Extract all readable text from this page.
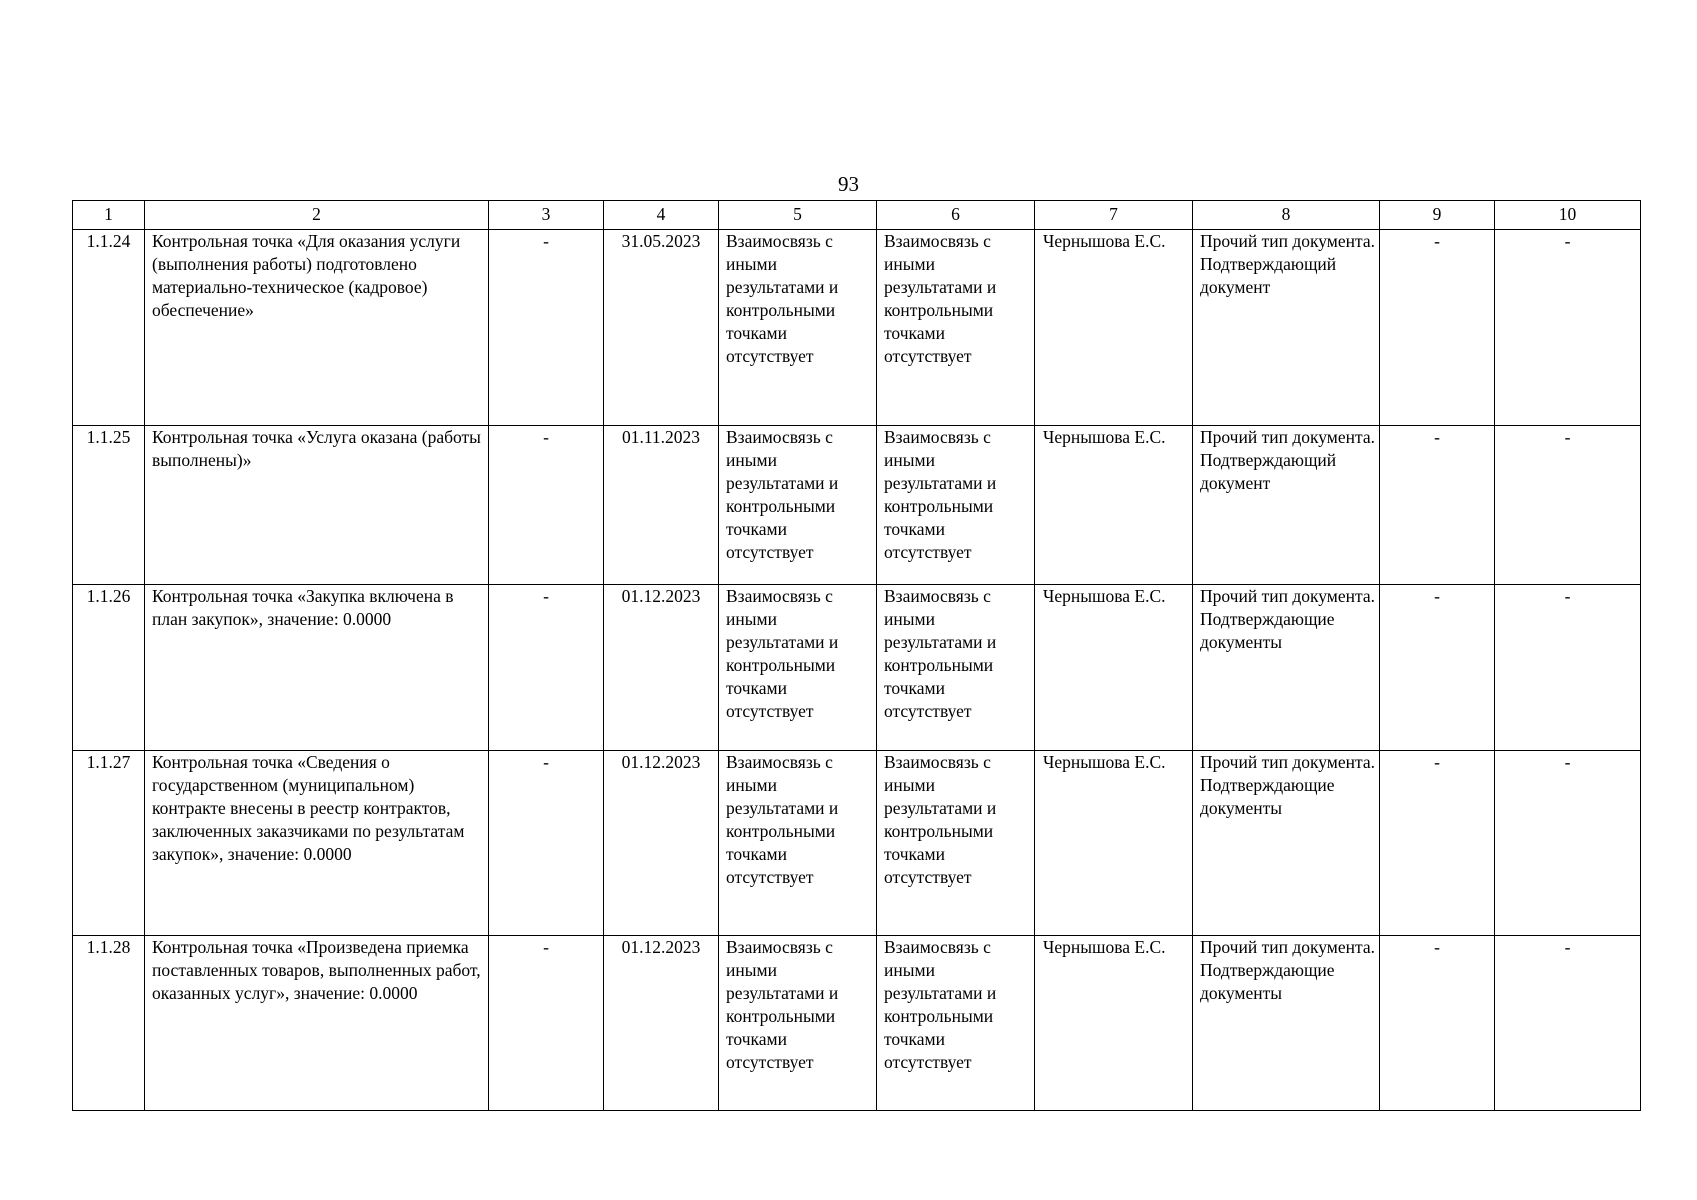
93
1	2	3	4	5	6	7	8	9	10
1.1.24	Контрольная точка «Для оказания услуги (выполнения работы) подготовлено материально-техническое (кадровое) обеспечение»	-	31.05.2023	Взаимосвязь с иными результатами и контрольными точками отсутствует	Взаимосвязь с иными результатами и контрольными точками отсутствует	Чернышова Е.С.	Прочий тип документа. Подтверждающий документ	-	-
1.1.25	Контрольная точка «Услуга оказана (работы выполнены)»	-	01.11.2023	Взаимосвязь с иными результатами и контрольными точками отсутствует	Взаимосвязь с иными результатами и контрольными точками отсутствует	Чернышова Е.С.	Прочий тип документа. Подтверждающий документ	-	-
1.1.26	Контрольная точка «Закупка включена в план закупок», значение: 0.0000	-	01.12.2023	Взаимосвязь с иными результатами и контрольными точками отсутствует	Взаимосвязь с иными результатами и контрольными точками отсутствует	Чернышова Е.С.	Прочий тип документа. Подтверждающие документы	-	-
1.1.27	Контрольная точка «Сведения о государственном (муниципальном) контракте внесены в реестр контрактов, заключенных заказчиками по результатам закупок», значение: 0.0000	-	01.12.2023	Взаимосвязь с иными результатами и контрольными точками отсутствует	Взаимосвязь с иными результатами и контрольными точками отсутствует	Чернышова Е.С.	Прочий тип документа. Подтверждающие документы	-	-
1.1.28	Контрольная точка «Произведена приемка поставленных товаров, выполненных работ, оказанных услуг», значение: 0.0000	-	01.12.2023	Взаимосвязь с иными результатами и контрольными точками отсутствует	Взаимосвязь с иными результатами и контрольными точками отсутствует	Чернышова Е.С.	Прочий тип документа. Подтверждающие документы	-	-
